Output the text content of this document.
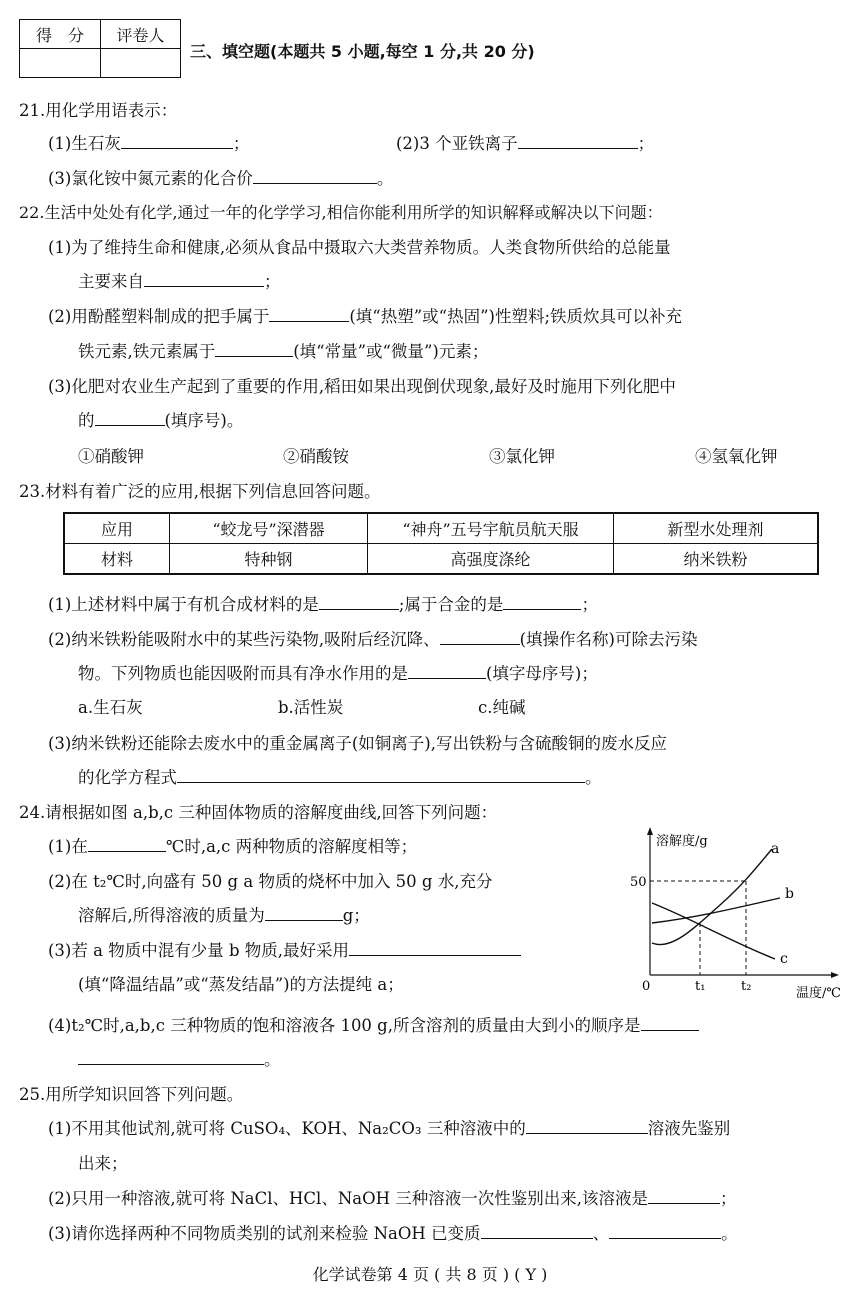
得　分	评卷人

三、填空题(本题共 5 小题,每空 1 分,共 20 分)
21.用化学用语表示：
(1)生石灰	；	(2)3 个亚铁离子	；
(3)氯化铵中氮元素的化合价	。
22.生活中处处有化学,通过一年的化学学习,相信你能利用所学的知识解释或解决以下问题：
(1)为了维持生命和健康,必须从食品中摄取六大类营养物质。人类食物所供给的总能量
主要来自	；
(2)用酚醛塑料制成的把手属于	(填“热塑”或“热固”)性塑料;铁质炊具可以补充
铁元素,铁元素属于	(填“常量”或“微量”)元素；
(3)化肥对农业生产起到了重要的作用,稻田如果出现倒伏现象,最好及时施用下列化肥中
的	(填序号)。
①硝酸钾	②硝酸铵	③氯化钾	④氢氧化钾
23.材料有着广泛的应用,根据下列信息回答问题。
应用	“蛟龙号”深潜器	“神舟”五号宇航员航天服	新型水处理剂
材料	特种钢	高强度涤纶	纳米铁粉
(1)上述材料中属于有机合成材料的是	;属于合金的是	；
(2)纳米铁粉能吸附水中的某些污染物,吸附后经沉降、	(填操作名称)可除去污染
物。下列物质也能因吸附而具有净水作用的是	(填字母序号)；
a.生石灰	b.活性炭	c.纯碱
(3)纳米铁粉还能除去废水中的重金属离子(如铜离子),写出铁粉与含硫酸铜的废水反应
的化学方程式	。
24.请根据如图 a,b,c 三种固体物质的溶解度曲线,回答下列问题：
(1)在	℃时,a,c 两种物质的溶解度相等；
(2)在 t₂℃时,向盛有 50 g a 物质的烧杯中加入 50 g 水,充分
溶解后,所得溶液的质量为	g；
(3)若 a 物质中混有少量 b 物质,最好采用
(填“降温结晶”或“蒸发结晶”)的方法提纯 a；
(4)t₂℃时,a,b,c 三种物质的饱和溶液各 100 g,所含溶剂的质量由大到小的顺序是
。
溶解度/g
温度/℃
0
50
t₁	t₂
a
b
c
25.用所学知识回答下列问题。
(1)不用其他试剂,就可将 CuSO₄、KOH、Na₂CO₃ 三种溶液中的	溶液先鉴别
出来；
(2)只用一种溶液,就可将 NaCl、HCl、NaOH 三种溶液一次性鉴别出来,该溶液是	；
(3)请你选择两种不同物质类别的试剂来检验 NaOH 已变质	、	。
化学试卷第 4 页 ( 共 8 页 ) ( Y )
